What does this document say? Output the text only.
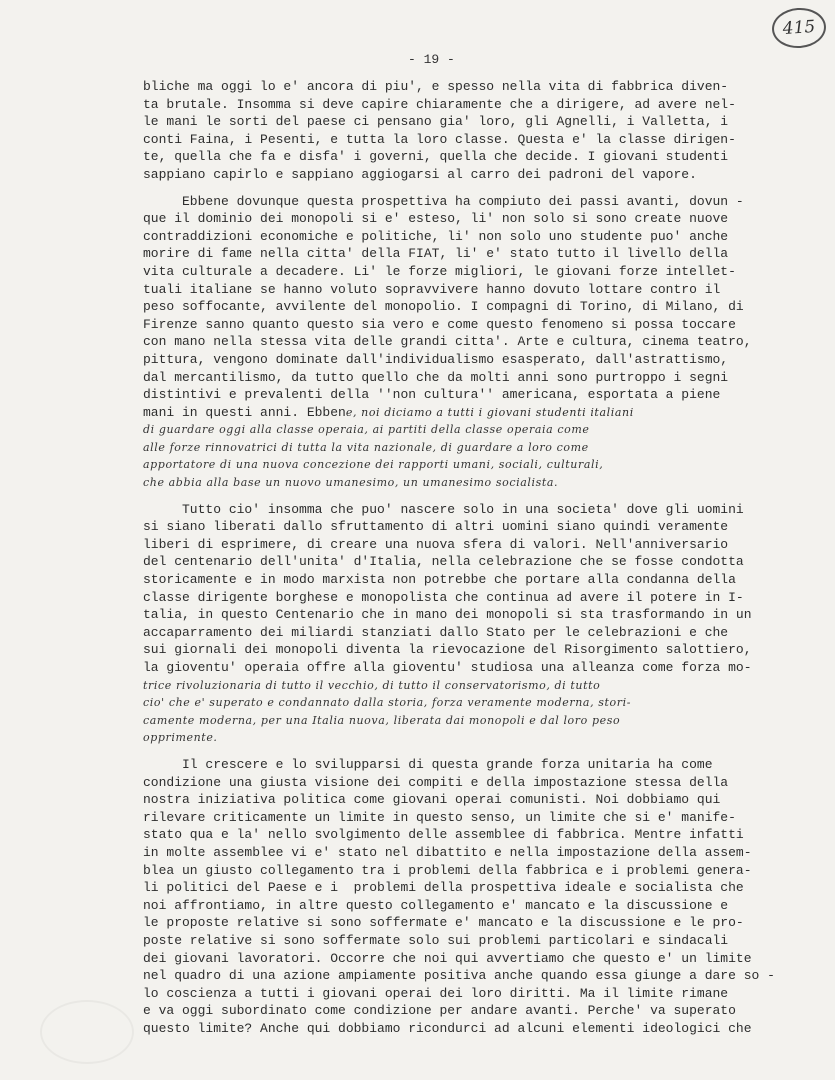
415
- 19 -
bliche ma oggi lo e' ancora di piu', e spesso nella vita di fabbrica diven-
ta brutale. Insomma si deve capire chiaramente che a dirigere, ad avere nel-
le mani le sorti del paese ci pensano gia' loro, gli Agnelli, i Valletta, i
conti Faina, i Pesenti, e tutta la loro classe. Questa e' la classe dirigen-
te, quella che fa e disfa' i governi, quella che decide. I giovani studenti
sappiano capirlo e sappiano aggiogarsi al carro dei padroni del vapore.
Ebbene dovunque questa prospettiva ha compiuto dei passi avanti, dovun -
que il dominio dei monopoli si e' esteso, li' non solo si sono create nuove
contraddizioni economiche e politiche, li' non solo uno studente puo' anche
morire di fame nella citta' della FIAT, li' e' stato tutto il livello della
vita culturale a decadere. Li' le forze migliori, le giovani forze intellet-
tuali italiane se hanno voluto sopravvivere hanno dovuto lottare contro il
peso soffocante, avvilente del monopolio. I compagni di Torino, di Milano, di
Firenze sanno quanto questo sia vero e come questo fenomeno si possa toccare
con mano nella stessa vita delle grandi citta'. Arte e cultura, cinema teatro,
pittura, vengono dominate dall'individualismo esasperato, dall'astrattismo,
dal mercantilismo, da tutto quello che da molti anni sono purtroppo i segni
distintivi e prevalenti della ''non cultura'' americana, esportata a piene
mani in questi anni. Ebbene, noi diciamo a tutti i giovani studenti italiani
di guardare oggi alla classe operaia, ai partiti della classe operaia come
alle forze rinnovatrici di tutta la vita nazionale, di guardare a loro come
apportatore di una nuova concezione dei rapporti umani, sociali, culturali,
che abbia alla base un nuovo umanesimo, un umanesimo socialista.
Tutto cio' insomma che puo' nascere solo in una societa' dove gli uomini
si siano liberati dallo sfruttamento di altri uomini siano quindi veramente
liberi di esprimere, di creare una nuova sfera di valori. Nell'anniversario
del centenario dell'unita' d'Italia, nella celebrazione che se fosse condotta
storicamente e in modo marxista non potrebbe che portare alla condanna della
classe dirigente borghese e monopolista che continua ad avere il potere in I-
talia, in questo Centenario che in mano dei monopoli si sta trasformando in un
accaparramento dei miliardi stanziati dallo Stato per le celebrazioni e che
sui giornali dei monopoli diventa la rievocazione del Risorgimento salottiero,
la gioventu' operaia offre alla gioventu' studiosa una alleanza come forza mo-
trice rivoluzionaria di tutto il vecchio, di tutto il conservatorismo, di tutto
cio' che e' superato e condannato dalla storia, forza veramente moderna, stori-
camente moderna, per una Italia nuova, liberata dai monopoli e dal loro peso
opprimente.
Il crescere e lo svilupparsi di questa grande forza unitaria ha come
condizione una giusta visione dei compiti e della impostazione stessa della
nostra iniziativa politica come giovani operai comunisti. Noi dobbiamo qui
rilevare criticamente un limite in questo senso, un limite che si e' manife-
stato qua e la' nello svolgimento delle assemblee di fabbrica. Mentre infatti
in molte assemblee vi e' stato nel dibattito e nella impostazione della assem-
blea un giusto collegamento tra i problemi della fabbrica e i problemi genera-
li politici del Paese e i  problemi della prospettiva ideale e socialista che
noi affrontiamo, in altre questo collegamento e' mancato e la discussione e
le proposte relative si sono soffermate e' mancato e la discussione e le pro-
poste relative si sono soffermate solo sui problemi particolari e sindacali
dei giovani lavoratori. Occorre che noi qui avvertiamo che questo e' un limite
nel quadro di una azione ampiamente positiva anche quando essa giunge a dare so -
lo coscienza a tutti i giovani operai dei loro diritti. Ma il limite rimane
e va oggi subordinato come condizione per andare avanti. Perche' va superato
questo limite? Anche qui dobbiamo ricondurci ad alcuni elementi ideologici che
